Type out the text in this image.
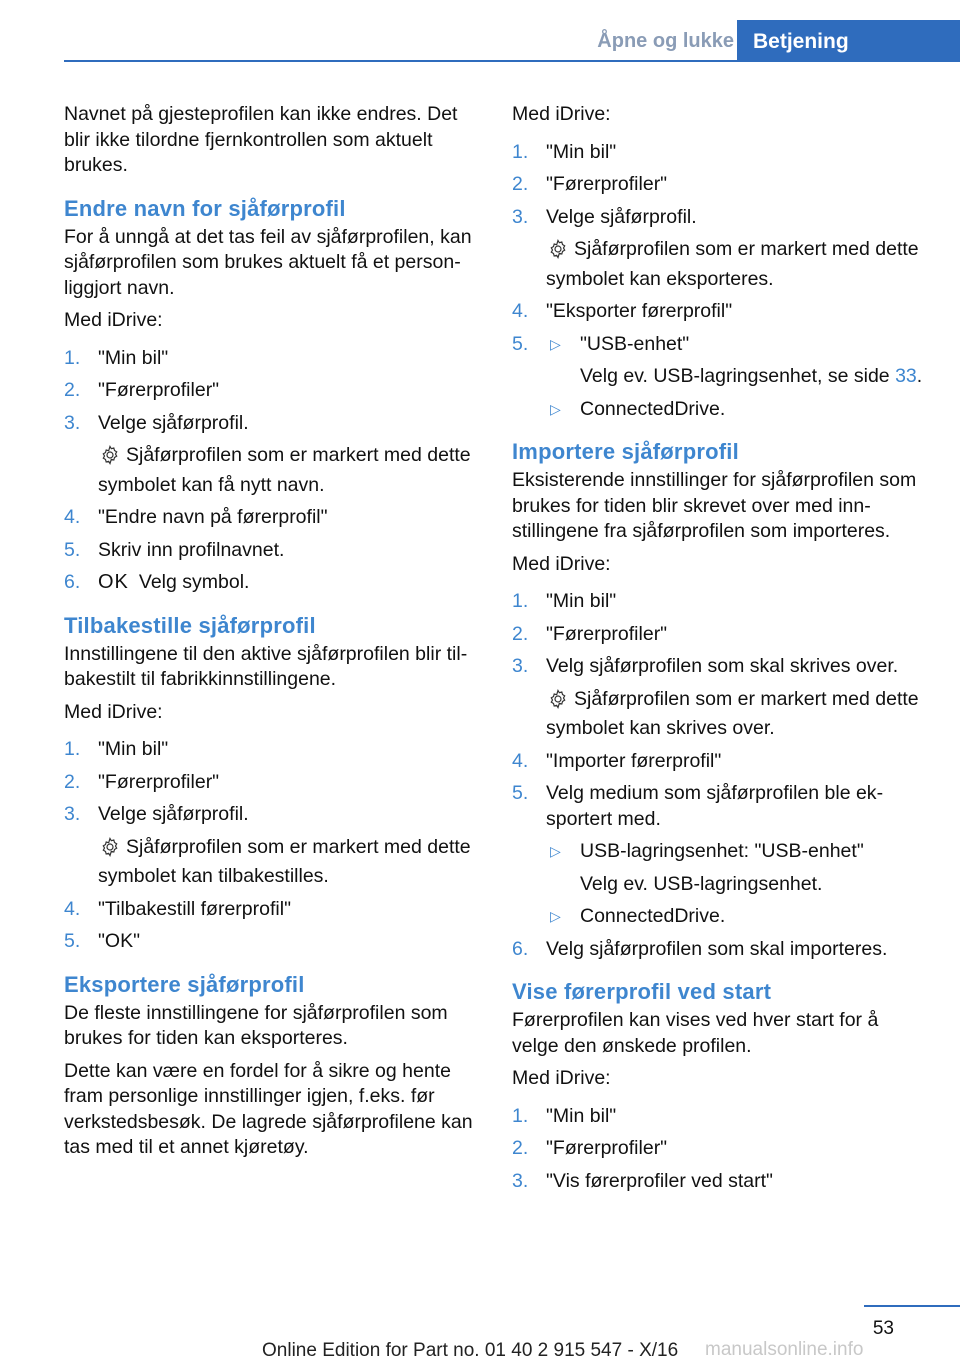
Åpne og lukke Betjening

Navnet på gjesteprofilen kan ikke endres. Det blir ikke tilordne fjernkontrollen som aktuelt brukes.

Endre navn for sjåførprofil

For å unngå at det tas feil av sjåførprofilen, kan sjåførprofilen som brukes aktuelt få et personliggjort navn.

Med iDrive:

1. "Min bil"
2. "Førerprofiler"
3. Velge sjåførprofil.
Sjåførprofilen som er markert med dette symbolet kan få nytt navn.
4. "Endre navn på førerprofil"
5. Skriv inn profilnavnet.
6. OK Velg symbol.
Tilbakestille sjåførprofil

Innstillingene til den aktive sjåførprofilen blir tilbakestilt til fabrikkinnstillingene.

Med iDrive:

1. "Min bil"
2. "Førerprofiler"
3. Velge sjåførprofil.
Sjåførprofilen som er markert med dette symbolet kan tilbakestilles.
4. "Tilbakestill førerprofil"
5. "OK"
Eksportere sjåførprofil

De fleste innstillingene for sjåførprofilen som brukes for tiden kan eksporteres.

Dette kan være en fordel for å sikre og hente fram personlige innstillinger igjen, f.eks. før verkstedsbesøk. De lagrede sjåførprofilene kan tas med til et annet kjøretøy.

Med iDrive:

1. "Min bil"
2. "Førerprofiler"
3. Velge sjåførprofil.
Sjåførprofilen som er markert med dette symbolet kan eksporteres.
4. "Eksporter førerprofil"
5. ▷ "USB-enhet"
Velg ev. USB-lagringsenhet, se side 33.
▷ ConnectedDrive.
Importere sjåførprofil

Eksisterende innstillinger for sjåførprofilen som brukes for tiden blir skrevet over med innstillingene fra sjåførprofilen som importeres.

Med iDrive:

1. "Min bil"
2. "Førerprofiler"
3. Velg sjåførprofilen som skal skrives over.
Sjåførprofilen som er markert med dette symbolet kan skrives over.
4. "Importer førerprofil"
5. Velg medium som sjåførprofilen ble eksportert med.
▷ USB-lagringsenhet: "USB-enhet"
Velg ev. USB-lagringsenhet.
▷ ConnectedDrive.
6. Velg sjåførprofilen som skal importeres.
Vise førerprofil ved start

Førerprofilen kan vises ved hver start for å velge den ønskede profilen.

Med iDrive:

1. "Min bil"
2. "Førerprofiler"
3. "Vis førerprofiler ved start"
53
Online Edition for Part no. 01 40 2 915 547 - X/16 manualsonline.info
